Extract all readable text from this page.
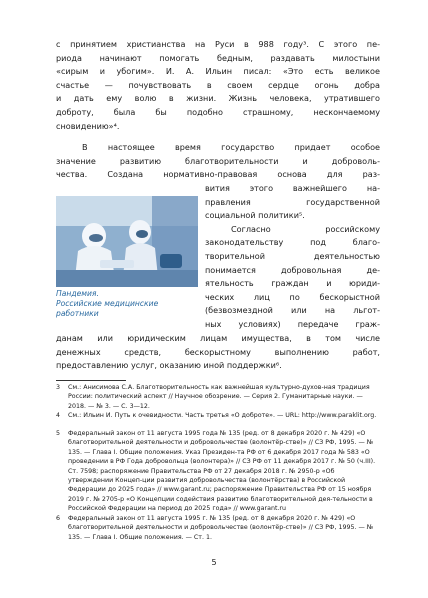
с принятием христианства на Руси в 988 году³. С этого пе-
риода начинают помогать бедным, раздавать милостыни
«сирым и убогим». И. А. Ильин писал: «Это есть великое
счастье — почувствовать в своем сердце огонь добра
и дать ему волю в жизни. Жизнь человека, утратившего
доброту, была бы подобно страшному, нескончаемому
сновидению»⁴.
В настоящее время государство придает особое
значение развитию благотворительности и доброволь-
чества. Создана нормативно-правовая основа для раз-
Пандемия.
Российские медицинские
работники
вития этого важнейшего на-
правления государственной
социальной политики⁵.
Согласно российскому
законодательству под благо-
творительной деятельностью
понимается добровольная де-
ятельность граждан и юриди-
ческих лиц по бескорыстной
(безвозмездной или на льгот-
ных условиях) передаче граж-
данам или юридическим лицам имущества, в том числе
денежных средств, бескорыстному выполнению работ,
предоставлению услуг, оказанию иной поддержки⁶.
3 См.: Анисимова С.А. Благотворительность как важнейшая культурно-духов-ная традиция России: политический аспект // Научное обозрение. — Серия 2. Гуманитарные науки. — 2018. — № 3. — С. 3—12.
4 См.: Ильин И. Путь к очевидности. Часть третья «О доброте». — URL: http://www.paraklit.org.
5 Федеральный закон от 11 августа 1995 года № 135 (ред. от 8 декабря 2020 г. № 429) «О благотворительной деятельности и добровольчестве (волонтёр-стве)» // СЗ РФ, 1995. — № 135. — Глава I. Общие положения. Указ Президен-та РФ от 6 декабря 2017 года № 583 «О проведении в РФ Года добровольца (волонтера)» // СЗ РФ от 11 декабря 2017 г. № 50 (ч.III). Ст. 7598; распоряжение Правительства РФ от 27 декабря 2018 г. № 2950-р «Об утверждении Концеп-ции развития добровольчества (волонтёрства) в Российской Федерации до 2025 года» // www.garant.ru; распоряжение Правительства РФ от 15 ноября 2019 г. № 2705-р «О Концепции содействия развитию благотворительной дея-тельности в Российской Федерации на период до 2025 года» // www.garant.ru
6 Федеральный закон от 11 августа 1995 г. № 135 (ред. от 8 декабря 2020 г. № 429) «О благотворительной деятельности и добровольчестве (волонтёр-стве)» // СЗ РФ, 1995. — № 135. — Глава I. Общие положения. — Ст. 1.
5
